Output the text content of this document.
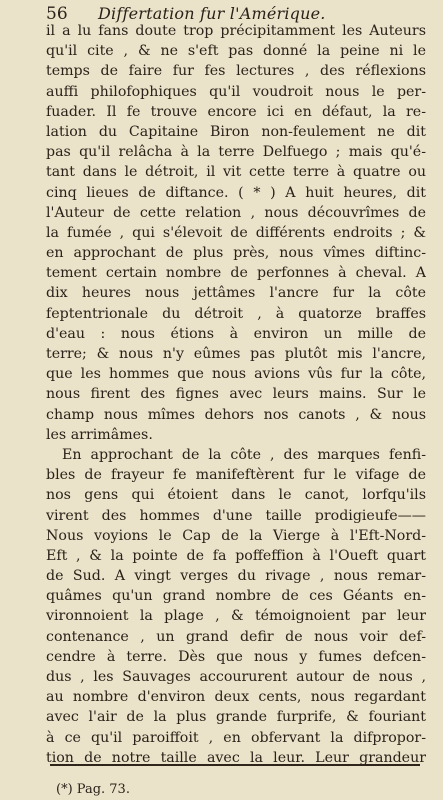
56 Differtation fur l'Amérique.
il a lu fans doute trop précipitamment les Auteurs
qu'il cite , & ne s'eft pas donné la peine ni le
temps de faire fur fes lectures , des réflexions
auffi philofophiques qu'il voudroit nous le per-
fuader. Il fe trouve encore ici en défaut, la re-
lation du Capitaine Biron non-feulement ne dit
pas qu'il relâcha à la terre Delfuego ; mais qu'é-
tant dans le détroit, il vit cette terre à quatre ou
cinq lieues de diftance. ( * ) A huit heures, dit
l'Auteur de cette relation , nous découvrîmes de
la fumée , qui s'élevoit de différents endroits ; &
en approchant de plus près, nous vîmes diftinc-
tement certain nombre de perfonnes à cheval. A
dix heures nous jettâmes l'ancre fur la côte
feptentrionale du détroit , à quatorze braffes
d'eau : nous étions à environ un mille de
terre; & nous n'y eûmes pas plutôt mis l'ancre,
que les hommes que nous avions vûs fur la côte,
nous firent des fignes avec leurs mains. Sur le
champ nous mîmes dehors nos canots , & nous
les arrimâmes.
En approchant de la côte , des marques fenfi-
bles de frayeur fe manifeftèrent fur le vifage de
nos gens qui étoient dans le canot, lorfqu'ils
virent des hommes d'une taille prodigieufe——
Nous voyions le Cap de la Vierge à l'Eft-Nord-
Eft , & la pointe de fa poffeffion à l'Oueft quart
de Sud. A vingt verges du rivage , nous remar-
quâmes qu'un grand nombre de ces Géants en-
vironnoient la plage , & témoignoient par leur
contenance , un grand defir de nous voir def-
cendre à terre. Dès que nous y fumes defcen-
dus , les Sauvages accoururent autour de nous ,
au nombre d'environ deux cents, nous regardant
avec l'air de la plus grande furprife, & fouriant
à ce qu'il paroiffoit , en obfervant la difpropor-
tion de notre taille avec la leur. Leur grandeur
(*) Pag. 73.
